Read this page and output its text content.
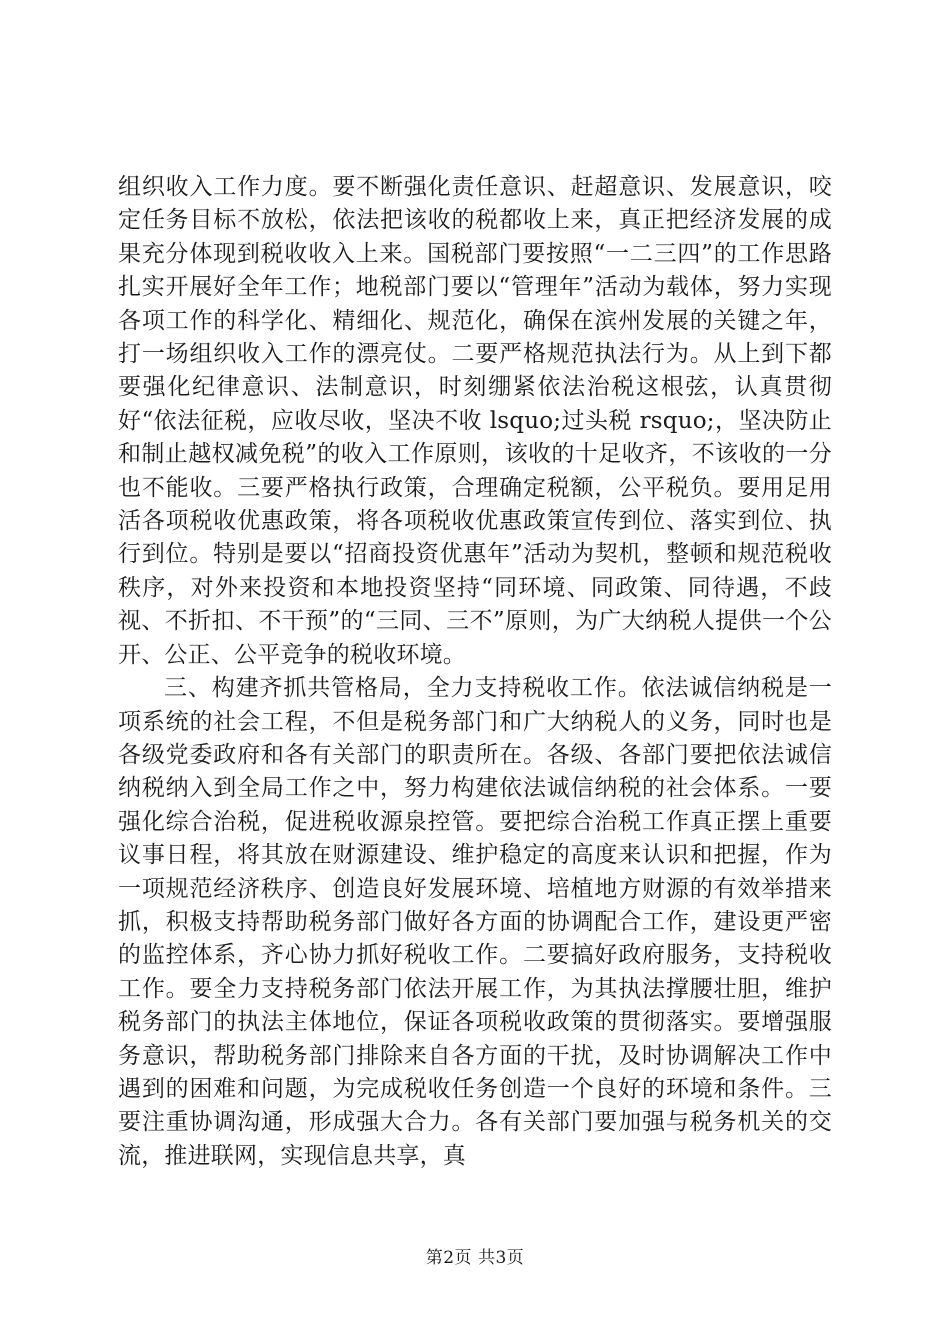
组织收入工作力度。要不断强化责任意识、赶超意识、发展意识，咬定任务目标不放松，依法把该收的税都收上来，真正把经济发展的成果充分体现到税收收入上来。国税部门要按照“一二三四”的工作思路扎实开展好全年工作；地税部门要以“管理年”活动为载体，努力实现各项工作的科学化、精细化、规范化，确保在滨州发展的关键之年，打一场组织收入工作的漂亮仗。二要严格规范执法行为。从上到下都要强化纪律意识、法制意识，时刻绷紧依法治税这根弦，认真贯彻好“依法征税，应收尽收，坚决不收 lsquo;过头税 rsquo;，坚决防止和制止越权减免税”的收入工作原则，该收的十足收齐，不该收的一分也不能收。三要严格执行政策，合理确定税额，公平税负。要用足用活各项税收优惠政策，将各项税收优惠政策宣传到位、落实到位、执行到位。特别是要以“招商投资优惠年”活动为契机，整顿和规范税收秩序，对外来投资和本地投资坚持“同环境、同政策、同待遇，不歧视、不折扣、不干预”的“三同、三不”原则，为广大纳税人提供一个公开、公正、公平竞争的税收环境。

三、构建齐抓共管格局，全力支持税收工作。依法诚信纳税是一项系统的社会工程，不但是税务部门和广大纳税人的义务，同时也是各级党委政府和各有关部门的职责所在。各级、各部门要把依法诚信纳税纳入到全局工作之中，努力构建依法诚信纳税的社会体系。一要强化综合治税，促进税收源泉控管。要把综合治税工作真正摆上重要议事日程，将其放在财源建设、维护稳定的高度来认识和把握，作为一项规范经济秩序、创造良好发展环境、培植地方财源的有效举措来抓，积极支持帮助税务部门做好各方面的协调配合工作，建设更严密的监控体系，齐心协力抓好税收工作。二要搞好政府服务，支持税收工作。要全力支持税务部门依法开展工作，为其执法撑腰壮胆，维护税务部门的执法主体地位，保证各项税收政策的贯彻落实。要增强服务意识，帮助税务部门排除来自各方面的干扰，及时协调解决工作中遇到的困难和问题，为完成税收任务创造一个良好的环境和条件。三要注重协调沟通，形成强大合力。各有关部门要加强与税务机关的交流，推进联网，实现信息共享，真

第2页 共3页
